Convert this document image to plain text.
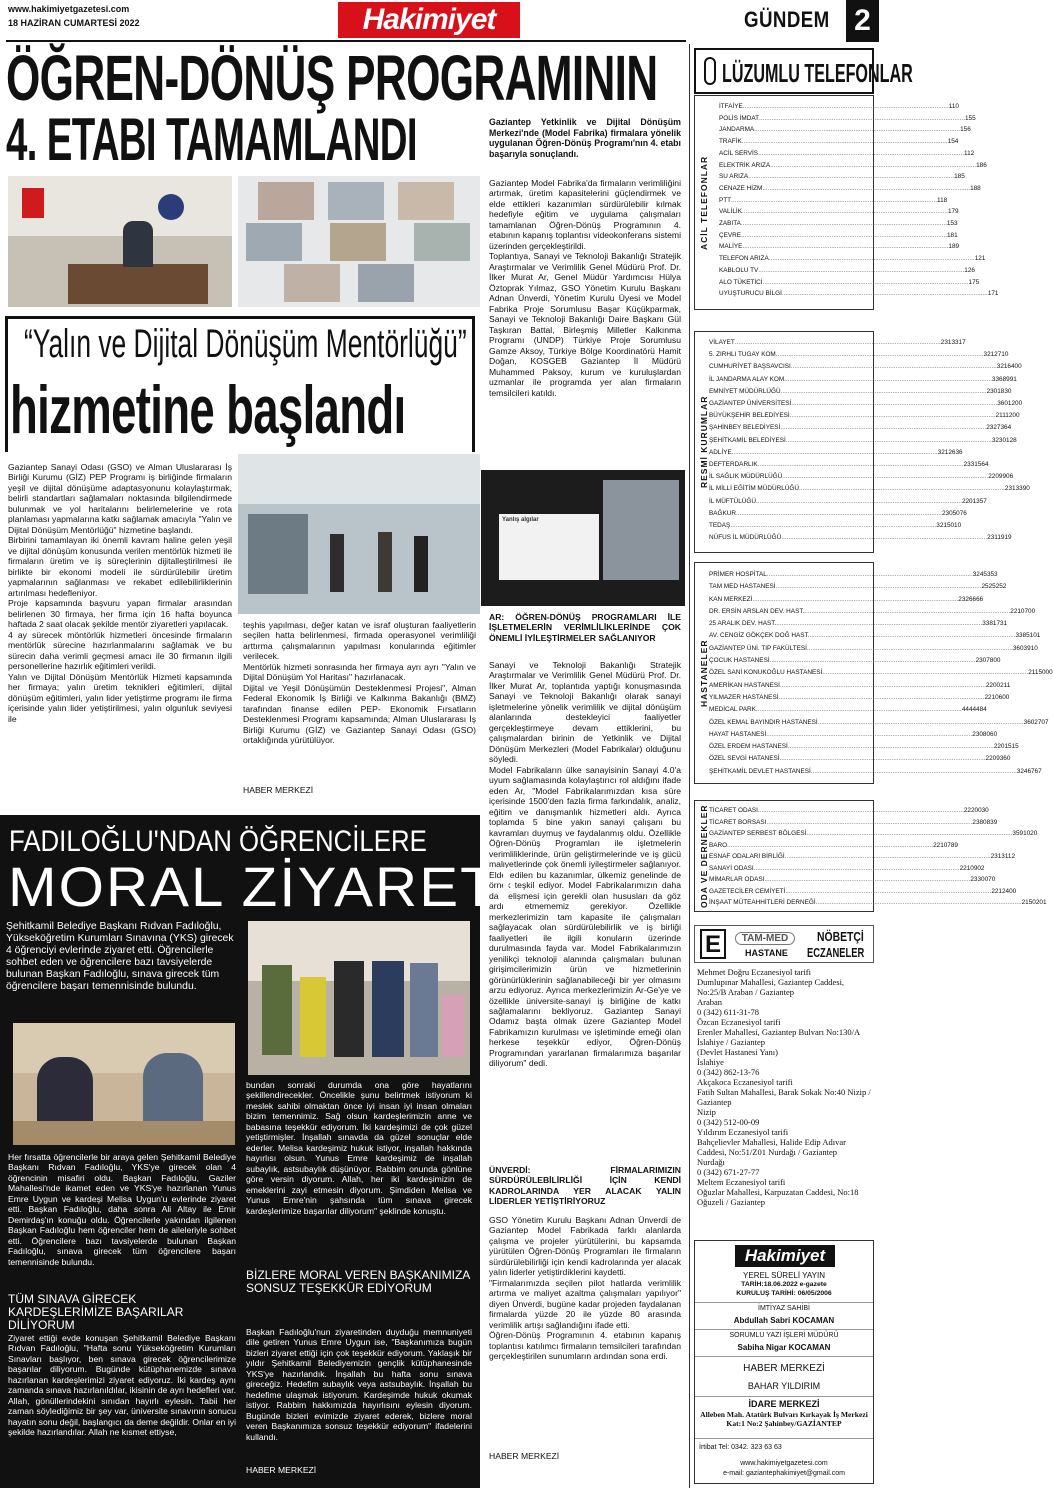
www.hakimiyetgazetesi.com
18 HAZİRAN CUMARTESİ 2022	Hakimiyet	GÜNDEM 2
ÖĞREN-DÖNÜŞ PROGRAMININ
4. ETABI TAMAMLANDI	Gaziantep Yetkinlik ve Dijital Dönüşüm Merkezi'nde (Model Fabrika) firmalara yönelik uygulanan Öğren-Dönüş Programı'nın 4. etabı başarıyla sonuçlandı.

Gaziantep Model Fabrika'da firmaların verimliliğini artırmak, üretim kapasitelerini güçlendirmek ve elde ettikleri kazanımları sürdürülebilir kılmak hedefiyle eğitim ve uygulama çalışmaları tamamlanan Öğren-Dönüş Programının 4. etabının kapanış toplantısı videokonferans sistemi üzerinden gerçekleştirildi.

Toplantıya, Sanayi ve Teknoloji Bakanlığı Stratejik Araştırmalar ve Verimlilik Genel Müdürü Prof. Dr. İlker Murat Ar, Genel Müdür Yardımcısı Hülya Öztoprak Yılmaz, GSO Yönetim Kurulu Başkanı Adnan Ünverdi, Yönetim Kurulu Üyesi ve Model Fabrika Proje Sorumlusu Başar Küçükparmak, Sanayi ve Teknoloji Bakanlığı Daire Başkanı Gül Taşkıran Battal, Birleşmiş Milletler Kalkınma Programı (UNDP) Türkiye Proje Sorumlusu Gamze Aksoy, Türkiye Bölge Koordinatörü Hamit Doğan, KOSGEB Gaziantep İl Müdürü Muhammed Paksoy, kurum ve kuruluşlardan uzmanlar ile programda yer alan firmaların temsilcileri katıldı.

Yanlış algılar
AR: ÖĞREN-DÖNÜŞ PROGRAMLARI İLE İŞLETMELERİN VERİMLİLİKLERİNDE ÇOK ÖNEMLİ İYİLEŞTİRMELER SAĞLANIYOR

Sanayi ve Teknoloji Bakanlığı Stratejik Araştırmalar ve Verimlilik Genel Müdürü Prof. Dr. İlker Murat Ar, toplantıda yaptığı konuşmasında Sanayi ve Teknoloji Bakanlığı olarak sanayi işletmelerine yönelik verimlilik ve dijital dönüşüm alanlarında destekleyici faaliyetler gerçekleştirmeye devam ettiklerini, bu çalışmalardan birinin de Yetkinlik ve Dijital Dönüşüm Merkezleri (Model Fabrikalar) olduğunu söyledi.

Model Fabrikaların ülke sanayisinin Sanayi 4.0'a uyum sağlamasında kolaylaştırıcı rol aldığını ifade eden Ar, "Model Fabrikalarımızdan kısa süre içerisinde 1500'den fazla firma farkındalık, analiz, eğitim ve danışmanlık hizmetleri aldı. Ayrıca toplamda 5 bine yakın sanayi çalışanı bu kavramları duymuş ve faydalanmış oldu. Özellikle Öğren-Dönüş Programları ile işletmelerin verimliliklerinde, ürün geliştirmelerinde ve iş gücü maliyetlerinde çok önemli iyileştirmeler sağlanıyor. Elde edilen bu kazanımlar, ülkemiz genelinde de örnek teşkil ediyor. Model Fabrikalarımızın daha da gelişmesi için gerekli olan hususları da göz ardı etmememiz gerekiyor. Özellikle merkezlerimizin tam kapasite ile çalışmaları sağlayacak olan sürdürülebilirlik ve iş birliği faaliyetleri ile ilgili konuların üzerinde durulmasında fayda var. Model Fabrikalarımızın yenilikçi teknoloji alanında çalışmaları bulunan girişimcilerimizin ürün ve hizmetlerinin görünürlüklerinin sağlanabileceği bir yer olmasını arzu ediyoruz. Ayrıca merkezlerimizin Ar-Ge'ye ve özellikle üniversite-sanayi iş birliğine de katkı sağlamalarını bekliyoruz. Gaziantep Sanayi Odamız başta olmak üzere Gaziantep Model Fabrikamızın kurulması ve işletiminde emeği olan herkese teşekkür ediyor, Öğren-Dönüş Programından yararlanan firmalarımıza başarılar diliyorum" dedi.

ÜNVERDİ: FİRMALARIMIZIN SÜRDÜRÜLEBİLİRLİĞİ İÇİN KENDİ KADROLARINDA YER ALACAK YALIN LİDERLER YETİŞTİRİYORUZ

GSO Yönetim Kurulu Başkanı Adnan Ünverdi de Gaziantep Model Fabrikada farklı alanlarda çalışma ve projeler yürütülerini, bu kapsamda yürütülen Öğren-Dönüş Programları ile firmaların sürdürülebilirliği için kendi kadrolarında yer alacak yalın liderler yetiştirdiklerini kaydetti.

"Firmalarımızda seçilen pilot hatlarda verimlilik artırma ve maliyet azaltma çalışmaları yapılıyor" diyen Ünverdi, bugüne kadar projeden faydalanan firmalarda yüzde 20 ile yüzde 80 arasında verimlilik artışı sağlandığını ifade etti.

Öğren-Dönüş Programının 4. etabının kapanış toplantısı katılımcı firmaların temsilcileri tarafından gerçekleştirilen sunumların ardından sona erdi.

HABER MERKEZİ
“Yalın ve Dijital Dönüşüm Mentörlüğü”
hizmetine başlandı
Gaziantep Sanayi Odası (GSO) ve Alman Uluslararası İş Birliği Kurumu (GİZ) PEP Programı iş birliğinde firmaların yeşil ve dijital dönüşüme adaptasyonunu kolaylaştırmak, belirli standartları sağlamaları noktasında bilgilendirmede bulunmak ve yol haritalarını belirlemelerine ve rota planlaması yapmalarına katkı sağlamak amacıyla "Yalın ve Dijital Dönüşüm Mentörlüğü" hizmetine başlandı.
Birbirini tamamlayan iki önemli kavram haline gelen yeşil ve dijital dönüşüm konusunda verilen mentörlük hizmeti ile firmaların üretim ve iş süreçlerinin dijitalleştirilmesi ile birlikte bir ekonomi modeli ile sürdürülebilir üretim yapmalarının sağlanması ve rekabet edilebilirliklerinin artırılması hedefleniyor.
Proje kapsamında başvuru yapan firmalar arasından belirlenen 30 firmaya, her firma için 16 hafta boyunca haftada 2 saat olacak şekilde mentör ziyaretleri yapılacak.
4 ay sürecek möntörlük hizmetleri öncesinde firmaların mentörlük sürecine hazırlanmalarını sağlamak ve bu sürecin daha verimli geçmesi amacı ile 30 firmanın ilgili personellerine hazırlık eğitimleri verildi.
Yalın ve Dijital Dönüşüm Mentörlük Hizmeti kapsamında her firmaya; yalın üretim teknikleri eğitimleri, dijital dönüşüm eğitimleri, yalın lider yetiştirme programı ile firma içerisinde yalın lider yetiştirilmesi, yalın olgunluk seviyesi ile
teşhis yapılması, değer katan ve israf oluşturan faaliyetlerin seçilen hatta belirlenmesi, firmada operasyonel verimliliği arttırma çalışmalarının yapılması konularında eğitimler verilecek.
Mentörlük hizmeti sonrasında her firmaya ayrı ayrı "Yalın ve Dijital Dönüşüm Yol Haritası" hazırlanacak.
Dijital ve Yeşil Dönüşümün Desteklenmesi Projesi", Alman Federal Ekonomik İş Birliği ve Kalkınma Bakanlığı (BMZ) tarafından finanse edilen PEP- Ekonomik Fırsatların Desteklenmesi Programı kapsamında; Alman Uluslararası İş Birliği Kurumu (GİZ) ve Gaziantep Sanayi Odası (GSO) ortaklığında yürütülüyor.
HABER MERKEZİ
FADILOĞLU'NDAN ÖĞRENCİLERE
MORAL ZİYARETİ
Şehitkamil Belediye Başkanı Rıdvan Fadıloğlu, Yükseköğretim Kurumları Sınavına (YKS) girecek 4 öğrenciyi evlerinde ziyaret etti. Öğrencilerle sohbet eden ve öğrencilere bazı tavsiyelerde bulunan Başkan Fadıloğlu, sınava girecek tüm öğrencilere başarı temennisinde bulundu.
Her fırsatta öğrencilerle bir araya gelen Şehitkamil Belediye Başkanı Rıdvan Fadıloğlu, YKS'ye girecek olan 4 öğrencinin misafiri oldu. Başkan Fadıloğlu, Gaziler Mahallesi'nde ikamet eden ve YKS'ye hazırlanan Yunus Emre Uygun ve kardeşi Melisa Uygun'u evlerinde ziyaret etti. Başkan Fadıloğlu, daha sonra Ali Altay ile Emir Demirdaş'ın konuğu oldu. Öğrencilerle yakından ilgilenen Başkan Fadıloğlu hem öğrenciler hem de aileleriyle sohbet etti. Öğrencilere bazı tavsiyelerde bulunan Başkan Fadıloğlu, sınava girecek tüm öğrencilere başarı temennisinde bulundu.
TÜM SINAVA GİRECEK KARDEŞLERİMİZE BAŞARILAR DİLİYORUM
Ziyaret ettiği evde konuşan Şehitkamil Belediye Başkanı Rıdvan Fadıloğlu, "Hafta sonu Yükseköğretim Kurumları Sınavları başlıyor, ben sınava girecek öğrencilerimize başarılar diliyorum. Bugünde kütüphanemizde sınava hazırlanan kardeşlerimizi ziyaret ediyoruz. İki kardeş aynı zamanda sınava hazırlanıldılar, ikisinin de ayrı hedefleri var. Allah, gönüllerindekini sınıdan hayırlı eylesin. Tabii her zaman söylediğimiz bir şey var, üniversite sınavının sonucu hayatın sonu değil, başlangıcı da deme değildir. Onlar en iyi şekilde hazırlandılar. Allah ne kısmet ettiyse,
bundan sonraki durumda ona göre hayatlarını şekillendirecekler. Öncelikle şunu belirtmek istiyorum ki meslek sahibi olmaktan önce iyi insan iyi insan olmaları bizim temennimiz. Sağ olsun kardeşlerimizin anne ve babasına teşekkür ediyorum. İki kardeşimizi de çok güzel yetiştirmişler. İnşallah sınavda da güzel sonuçlar elde ederler. Melisa kardeşimiz hukuk istiyor, inşallah hakkında hayırlısı olsun. Yunus Emre kardeşimiz de inşallah subaylık, astsubaylık düşünüyor. Rabbim onunda gönlüne göre versin diyorum. Allah, her iki kardeşimizin de emeklerini zayi etmesin diyorum. Şimdiden Melisa ve Yunus Emre'nin şahsında tüm sınava girecek kardeşlerimize başarılar diliyorum" şeklinde konuştu.
BİZLERE MORAL VEREN BAŞKANIMIZA SONSUZ TEŞEKKÜR EDİYORUM
Başkan Fadıloğlu'nun ziyaretinden duyduğu memnuniyeti dile getiren Yunus Emre Uygun ise, "Başkanımıza bugün bizleri ziyaret ettiği için çok teşekkür ediyorum. Yaklaşık bir yıldır Şehitkamil Belediyemizin gençlik kütüphanesinde YKS'ye hazırlandık. İnşallah bu hafta sonu sınava gireceğiz. Hedefim subaylık veya astsubaylık. İnşallah bu hedefime ulaşmak istiyorum. Kardeşimde hukuk okumak istiyor. Rabbim hakkımızda hayırlısını eylesin diyorum. Bugünde bizleri evimizde ziyaret ederek, bizlere moral veren Başkanımıza sonsuz teşekkür ediyorum" ifadelerini kullandı.
HABER MERKEZİ
LÜZUMLU TELEFONLAR
ACİL TELEFONLAR
İTFAİYE .....	110
POLİS İMDAT .....	155
JANDARMA .....	156
TRAFİK .....	154
ACİL SERVİS .....	112
ELEKTRİK ARIZA .....	186
SU ARIZA .....	185
CENAZE HİZM. .....	188
PTT .....	118
VALİLİK .....	179
ZABITA .....	153
ÇEVRE .....	181
MALİYE .....	189
TELEFON ARIZA .....	121
KABLOLU TV .....	126
ALO TÜKETİCİ .....	175
UYUŞTURUCU BİLGİ .....	171
RESMİ KURUMLAR
VİLAYET .....	2313317
5. ZIRHLI TUGAY KOM. .....	3212710
CUMHURİYET BAŞSAVCISI .....	3216400
İL JANDARMA ALAY KOM. .....	3368991
EMNİYET MÜDÜRLÜĞÜ .....	2301830
GAZİANTEP ÜNİVERSİTESİ .....	3601200
BÜYÜKŞEHİR BELEDİYESİ .....	2111200
ŞAHİNBEY BELEDİYESİ .....	2327364
ŞEHİTKAMİL BELEDİYESİ .....	3230128
ADLİYE .....	3212636
DEFTERDARLIK .....	2331564
İL SAĞLIK MÜDÜRLÜĞÜ .....	2209906
İL MİLLİ EĞİTİM MÜDÜRLÜĞÜ .....	2313390
İL MÜFTÜLÜĞÜ .....	2201357
BAĞKUR .....	2305076
TEDAŞ .....	3215010
NÜFUS İL MÜDÜRLÜĞÜ .....	2311919
HASTANELER
PRİMER HOSPİTAL .....	3245353
TAM MED HASTANESİ .....	2525252
KAN MERKEZİ .....	2326666
DR. ERSİN ARSLAN DEV. HAST. .....	2210700
25 ARALIK DEV. HAST. .....	3381731
AV. CENGİZ GÖKÇEK DOĞ HAST. .....	3385101
GAZİANTEP ÜNİ. TIP FAKÜLTESİ .....	3603910
ÇOCUK HASTANESİ .....	2307800
ÖZEL SANİ KONUKOĞLU HASTANESİ .....	2115000
AMERİKAN HASTANESİ .....	2200211
YILMAZER HASTANESİ .....	2210600
MEDİCAL PARK .....	4444484
ÖZEL KEMAL BAYINDIR HASTANESİ .....	3602707
HAYAT HASTANESİ .....	2308060
ÖZEL ERDEM HASTANESİ .....	2201515
ÖZEL SEVGİ HATANESİ .....	2209360
ŞEHİTKAMİL DEVLET HASTANESİ .....	3246767
ODA VE DERNEKLER TİCARET ODASI .....	2220030
TİCARET BORSASI .....	2380839
GAZİANTEP SERBEST BÖLGESİ .....	3591020
BARO .....	2210789
ESNAF ODALARI BİRLİĞİ .....	2313112
SANAYİ ODASI .....	2210902
MİMARLAR ODASI .....	2330070
GAZETECİLER CEMİYETİ .....	2212400
İNŞAAT MÜTEAHHİTLERİ DERNEĞİ .....	2150201
E	TAM-MED
HASTANE
NÖBETÇİ
ECZANELER
Mehmet Doğru Eczanesiyol tarifi
Dumlupınar Mahallesi, Gaziantep Caddesi, No:25/B Araban / Gaziantep
Araban
0 (342) 611-31-78
Özcan Eczanesiyol tarifi
Erenler Mahallesi, Gaziantep Bulvarı No:130/A İslahiye / Gaziantep
(Devlet Hastanesi Yanı)
İslahiye
0 (342) 862-13-76
Akçakoca Eczanesiyol tarifi
Fatih Sultan Mahallesi, Barak Sokak No:40 Nizip / Gaziantep
Nizip
0 (342) 512-00-09
Yıldırım Eczanesiyol tarifi
Bahçelievler Mahallesi, Halide Edip Adıvar Caddesi, No:51/Z01 Nurdağı / Gaziantep
Nurdağı
0 (342) 671-27-77
Meltem Eczanesiyol tarifi
Oğuzlar Mahallesi, Karpuzatan Caddesi, No:18 Oğuzeli / Gaziantep
Hakimiyet
YEREL SÜRELİ YAYIN
TARİH:18.06.2022 e-gazete
KURULUŞ TARİHİ: 06/05/2006
İMTİYAZ SAHİBİ
Abdullah Sabri KOCAMAN
SORUMLU YAZI İŞLERİ MÜDÜRÜ
Sabiha Nigar KOCAMAN
HABER MERKEZİ
BAHAR YILDIRIM
İDARE MERKEZİ
Alleben Mah. Atatürk Bulvarı Kırkayak İş Merkezi Kat:1 No:2 Şahinbey/GAZİANTEP
İrtibat Tel: 0342. 323 63 63
www.hakimiyetgazetesi.com
e-mail: gaziantephakimiyet@gmail.com
